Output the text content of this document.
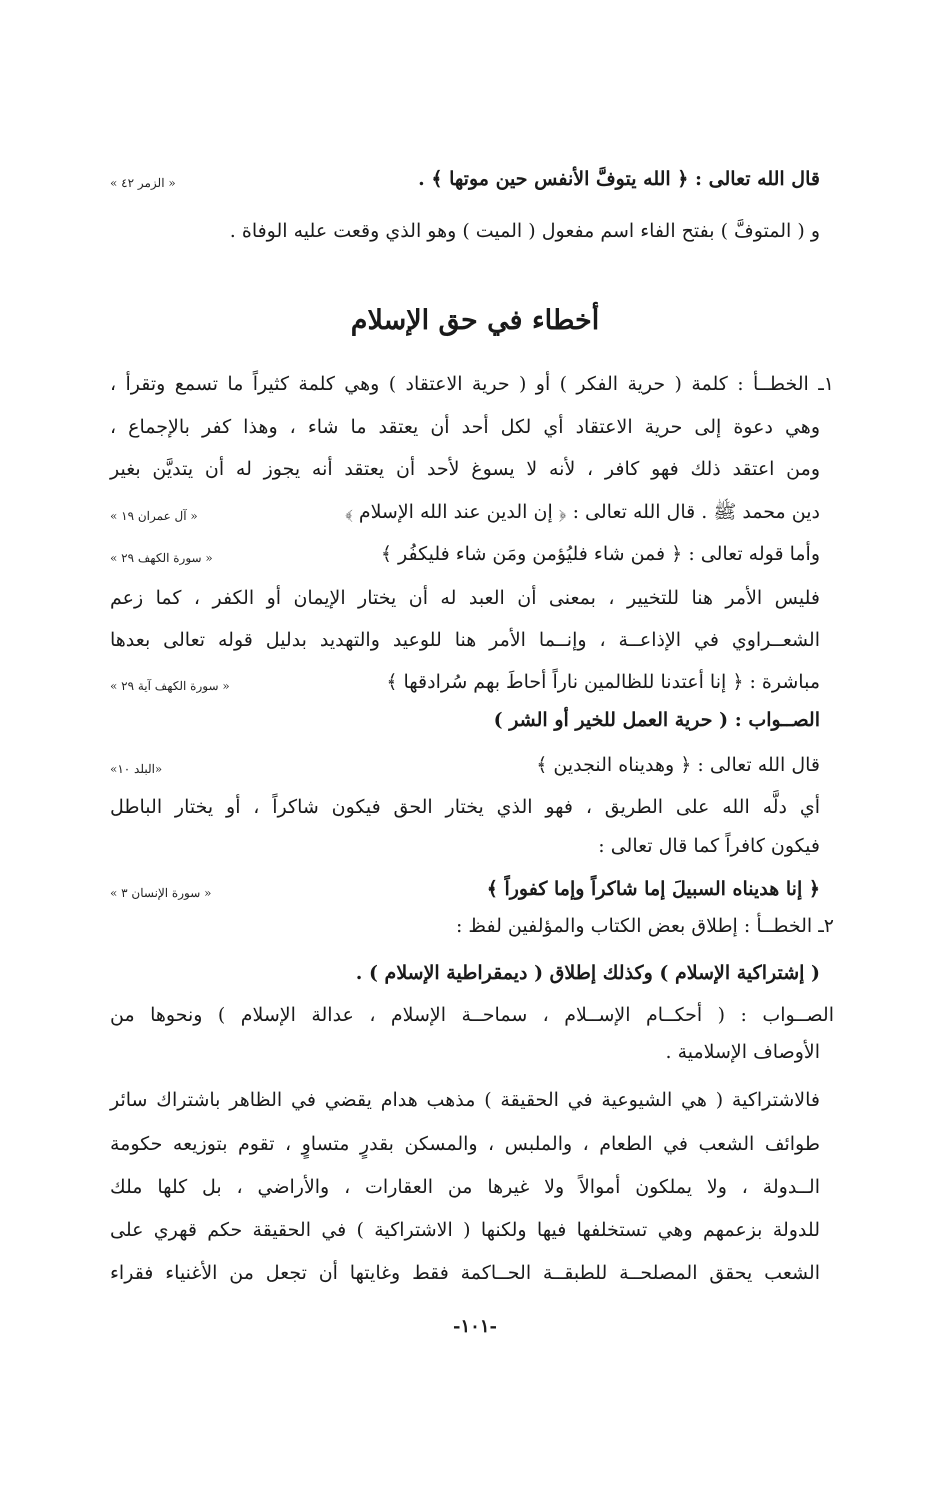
قال الله تعالى : ﴿ الله يتوفَّ الأنفس حين موتها ﴾ .
« الزمر ٤٢ »
و ( المتوفَّ ) بفتح الفاء اسم مفعول ( الميت ) وهو الذي وقعت عليه الوفاة .
أخطاء في حق الإسلام
١ـ الخطــأ : كلمة ( حرية الفكر ) أو ( حرية الاعتقاد ) وهي كلمة كثيراً ما تسمع وتقرأ ،
وهي دعوة إلى حرية الاعتقاد أي لكل أحد أن يعتقد ما شاء ، وهذا كفر بالإجماع ،
ومن اعتقد ذلك فهو كافر ، لأنه لا يسوغ لأحد أن يعتقد أنه يجوز له أن يتديَّن بغير
دين محمد ﷺ . قال الله تعالى : ﴿ إن الدين عند الله الإسلام ﴾
« آل عمران ١٩ »
وأما قوله تعالى : ﴿ فمن شاء فليُؤمن ومَن شاء فليكفُر ﴾
« سورة الكهف ٢٩ »
فليس الأمر هنا للتخيير ، بمعنى أن العبد له أن يختار الإيمان أو الكفر ، كما زعم
الشعــراوي في الإذاعــة ، وإنــما الأمر هنا للوعيد والتهديد بدليل قوله تعالى بعدها
مباشرة : ﴿ إنا أعتدنا للظالمين ناراً أحاطَ بهم سُرادقها ﴾
« سورة الكهف آية ٢٩ »
الصــواب : ( حرية العمل للخير أو الشر )
قال الله تعالى : ﴿ وهديناه النجدين ﴾
«البلد ١٠»
أي دلَّه الله على الطريق ، فهو الذي يختار الحق فيكون شاكراً ، أو يختار الباطل
فيكون كافراً كما قال تعالى :
﴿ إنا هديناه السبيلَ إما شاكراً وإما كفوراً ﴾
« سورة الإنسان ٣ »
٢ـ الخطــأ : إطلاق بعض الكتاب والمؤلفين لفظ :
( إشتراكية الإسلام ) وكذلك إطلاق ( ديمقراطية الإسلام ) .
الصــواب : ( أحكــام الإســلام ، سماحــة الإسلام ، عدالة الإسلام ) ونحوها من
الأوصاف الإسلامية .
فالاشتراكية ( هي الشيوعية في الحقيقة ) مذهب هدام يقضي في الظاهر باشتراك سائر
طوائف الشعب في الطعام ، والملبس ، والمسكن بقدرٍ متساوٍ ، تقوم بتوزيعه حكومة
الــدولة ، ولا يملكون أموالاً ولا غيرها من العقارات ، والأراضي ، بل كلها ملك
للدولة بزعمهم وهي تستخلفها فيها ولكنها ( الاشتراكية ) في الحقيقة حكم قهري على
الشعب يحقق المصلحــة للطبقــة الحــاكمة فقط وغايتها أن تجعل من الأغنياء فقراء
-١٠١-
